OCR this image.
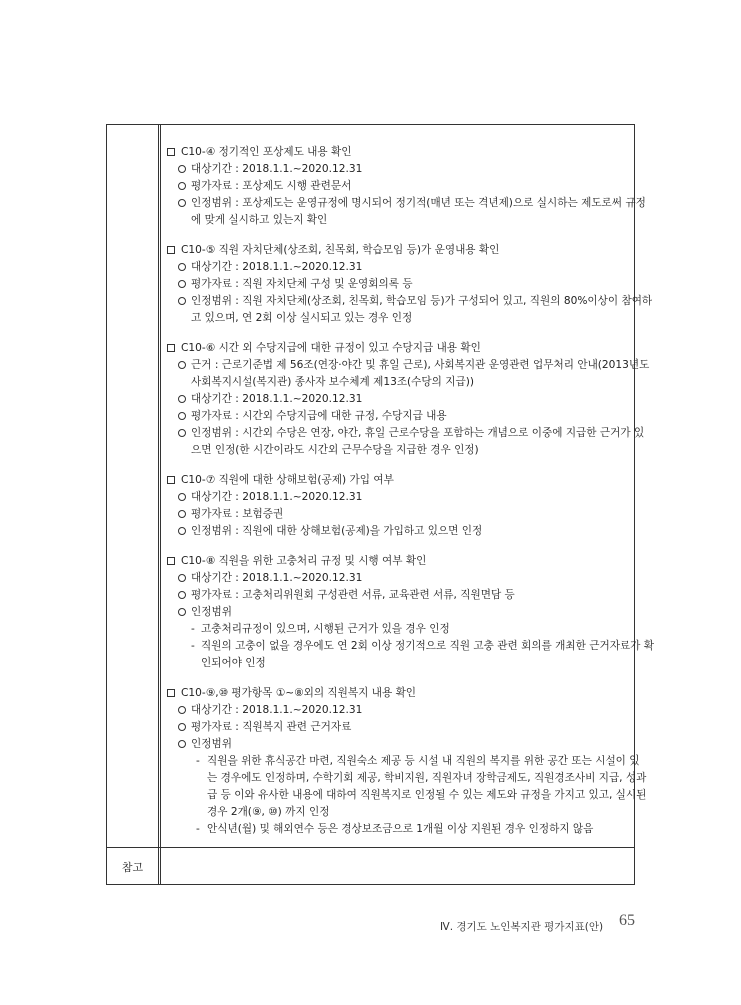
C10-④ 정기적인 포상제도 내용 확인
대상기간 : 2018.1.1.~2020.12.31
평가자료 : 포상제도 시행 관련문서
인정범위 : 포상제도는 운영규정에 명시되어 정기적(매년 또는 격년제)으로 실시하는 제도로써 규정
에 맞게 실시하고 있는지 확인
C10-⑤ 직원 자치단체(상조회, 친목회, 학습모임 등)가 운영내용 확인
대상기간 : 2018.1.1.~2020.12.31
평가자료 : 직원 자치단체 구성 및 운영회의록 등
인정범위 : 직원 자치단체(상조회, 친목회, 학습모임 등)가 구성되어 있고, 직원의 80%이상이 참여하
고 있으며, 연 2회 이상 실시되고 있는 경우 인정
C10-⑥ 시간 외 수당지급에 대한 규정이 있고 수당지급 내용 확인
근거 : 근로기준법 제 56조(연장·야간 및 휴일 근로), 사회복지관 운영관련 업무처리 안내(2013년도
사회복지시설(복지관) 종사자 보수체계 제13조(수당의 지급))
대상기간 : 2018.1.1.~2020.12.31
평가자료 : 시간외 수당지급에 대한 규정, 수당지급 내용
인정범위 : 시간외 수당은 연장, 야간, 휴일 근로수당을 포함하는 개념으로 이중에 지급한 근거가 있
으면 인정(한 시간이라도 시간외 근무수당을 지급한 경우 인정)
C10-⑦ 직원에 대한 상해보험(공제) 가입 여부
대상기간 : 2018.1.1.~2020.12.31
평가자료 : 보험증권
인정범위 : 직원에 대한 상해보험(공제)을 가입하고 있으면 인정
C10-⑧ 직원을 위한 고충처리 규정 및 시행 여부 확인
대상기간 : 2018.1.1.~2020.12.31
평가자료 : 고충처리위원회 구성관련 서류, 교육관련 서류, 직원면담 등
인정범위
- 고충처리규정이 있으며, 시행된 근거가 있을 경우 인정
- 직원의 고충이 없을 경우에도 연 2회 이상 정기적으로 직원 고충 관련 회의를 개최한 근거자료가 확
인되어야 인정
C10-⑨,⑩ 평가항목 ①~⑧외의 직원복지 내용 확인
대상기간 : 2018.1.1.~2020.12.31
평가자료 : 직원복지 관련 근거자료
인정범위
- 직원을 위한 휴식공간 마련, 직원숙소 제공 등 시설 내 직원의 복지를 위한 공간 또는 시설이 있
는 경우에도 인정하며, 수학기회 제공, 학비지원, 직원자녀 장학금제도, 직원경조사비 지급, 성과
급 등 이와 유사한 내용에 대하여 직원복지로 인정될 수 있는 제도와 규정을 가지고 있고, 실시된
경우 2개(⑨, ⑩) 까지 인정
- 안식년(월) 및 해외연수 등은 경상보조금으로 1개월 이상 지원된 경우 인정하지 않음
참고
Ⅳ. 경기도 노인복지관 평가지표(안) 65
